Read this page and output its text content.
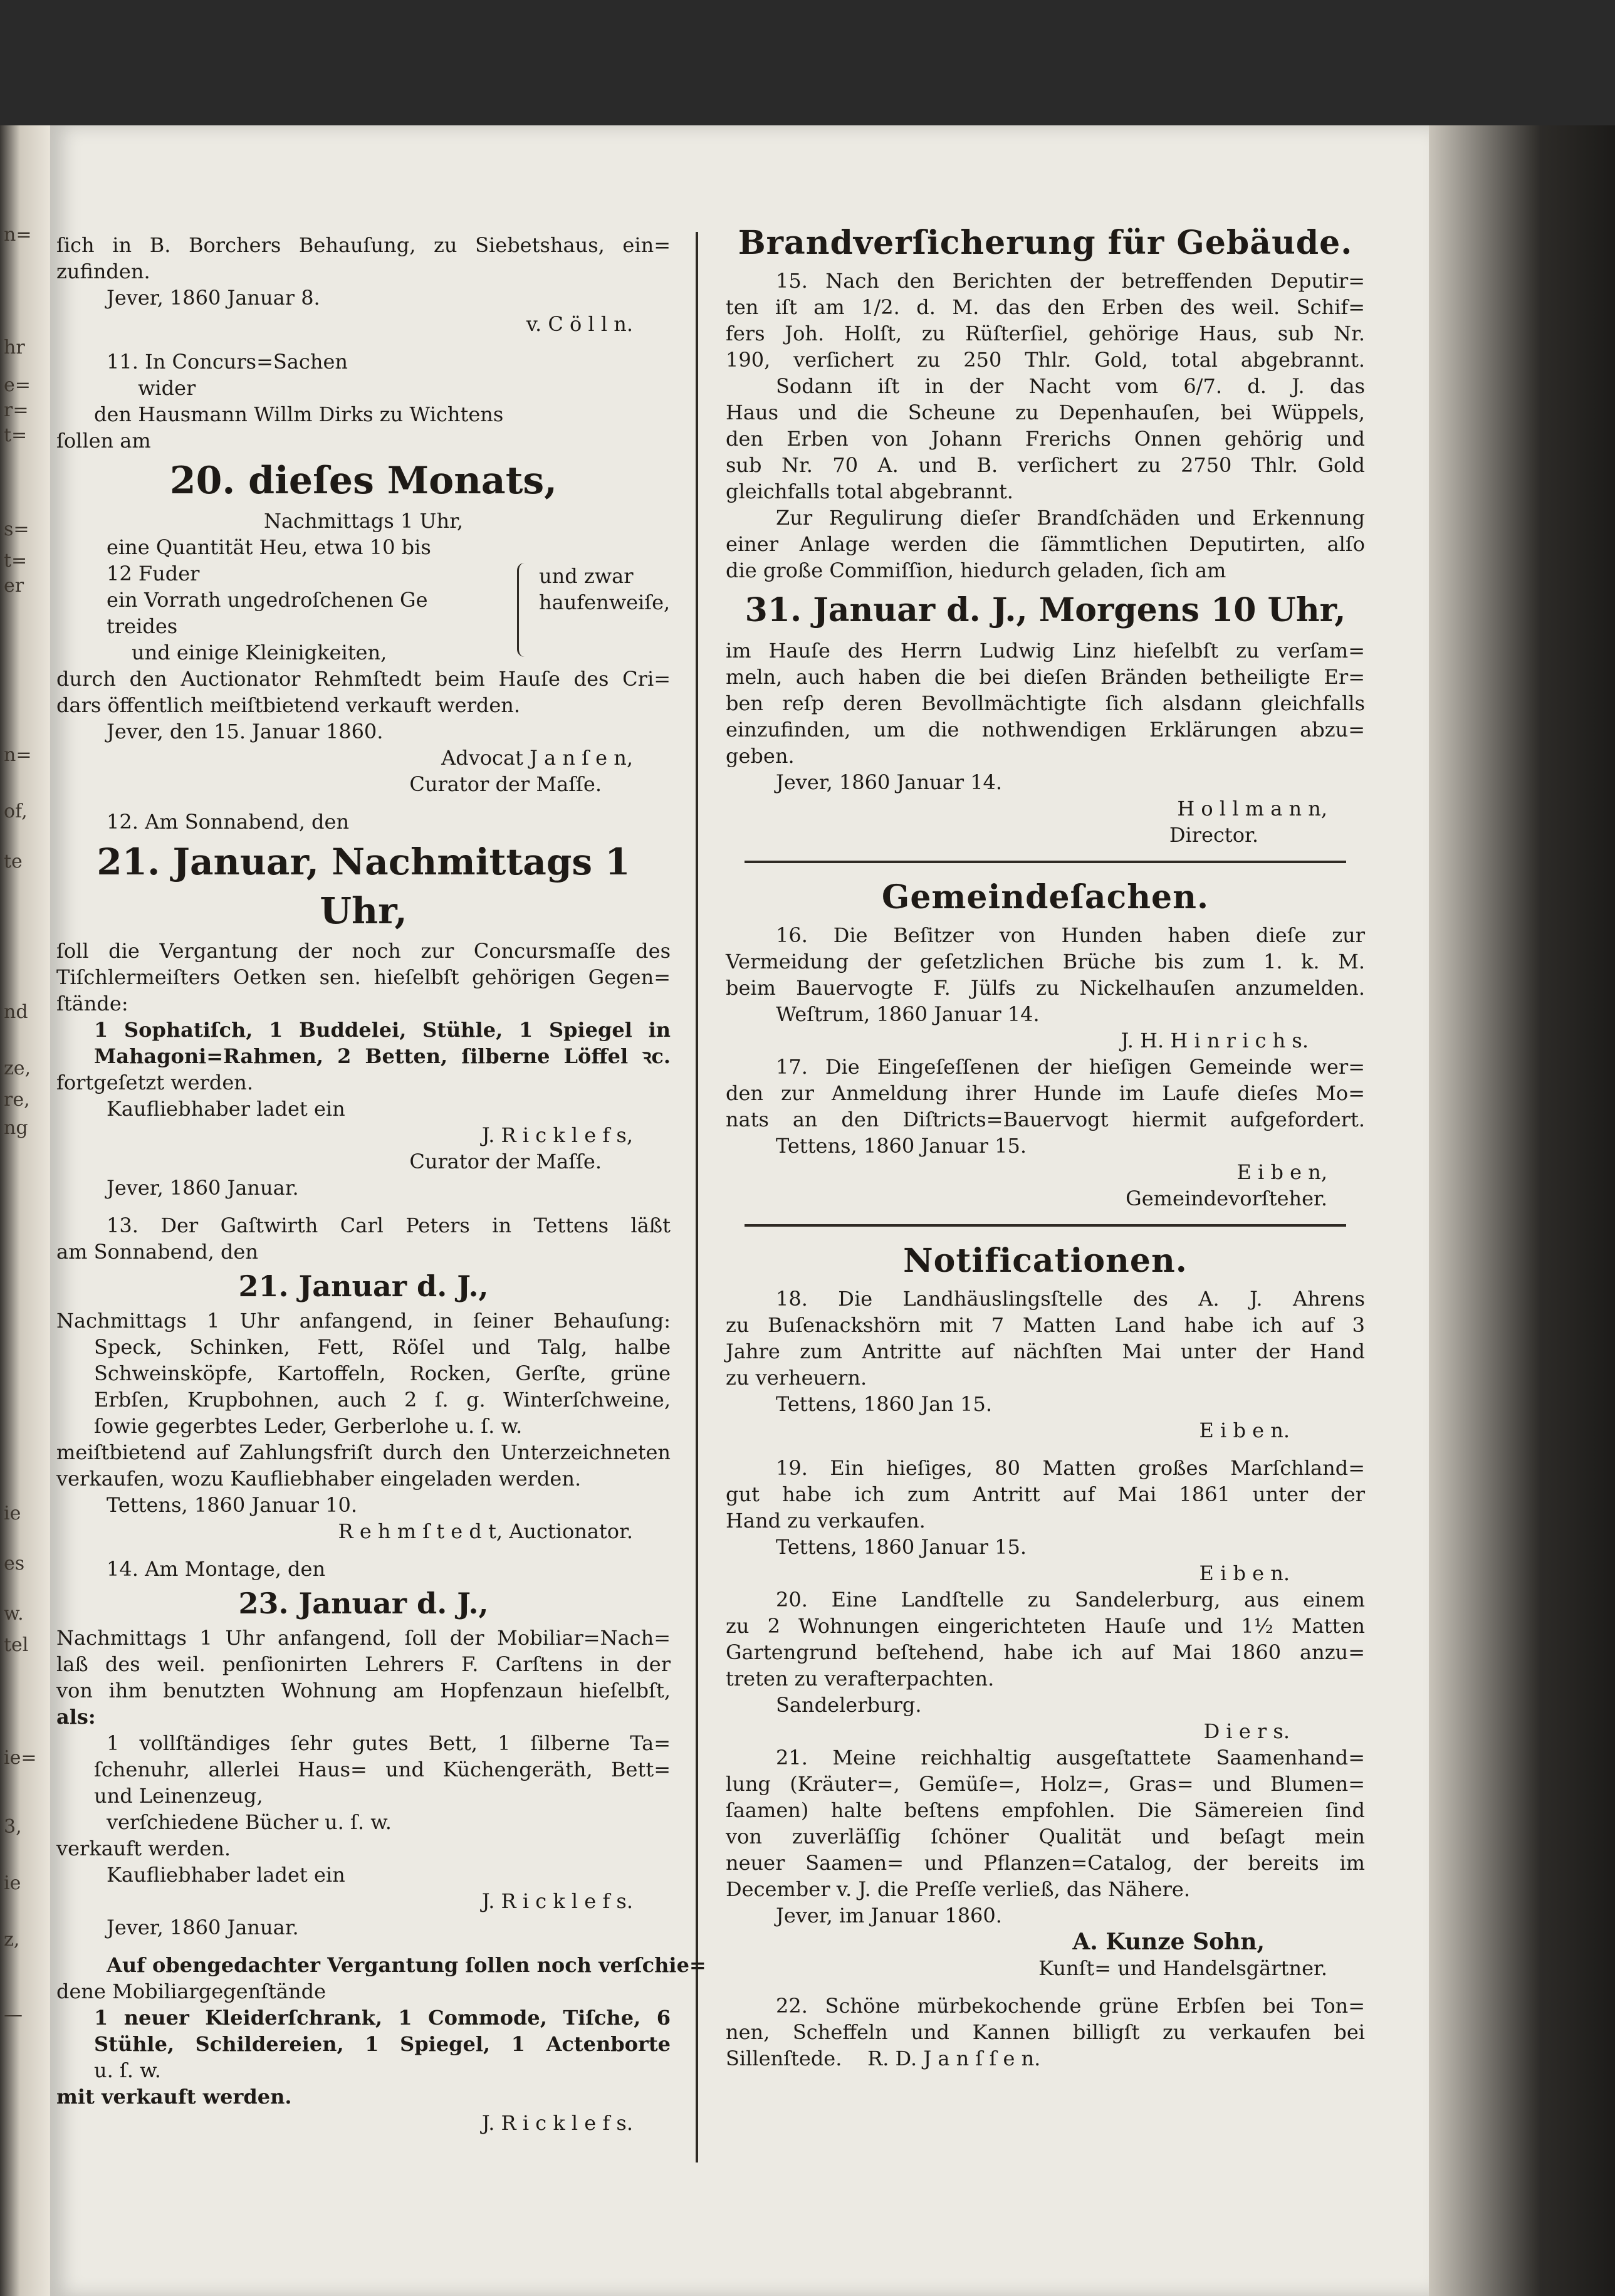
n=
hr
e=
r=
t=
s=
t=
er
n=
of,
te
nd
ze,
re,
ng
ie
es
w.
tel
ie=
3,
ie
z,
—

ſich in B. Borchers Behauſung, zu Siebetshaus, ein=

zufinden.

Jever, 1860 Januar 8.

v. C ö l l n.

11. In Concurs=Sachen

wider

den Hausmann Willm Dirks zu Wichtens

ſollen am

20. dieſes Monats,

Nachmittags 1 Uhr,

eine Quantität Heu, etwa 10 bis

12 Fuder

ein Vorrath ungedroſchenen Ge

treides

und zwar
haufenweiſe,

und einige Kleinigkeiten,

durch den Auctionator Rehmſtedt beim Hauſe des Cri=

dars öffentlich meiſtbietend verkauft werden.

Jever, den 15. Januar 1860.

Advocat J a n ſ e n,

Curator der Maſſe.

12. Am Sonnabend, den

21. Januar, Nachmittags 1 Uhr,

ſoll die Vergantung der noch zur Concursmaſſe des

Tiſchlermeiſters Oetken sen. hieſelbſt gehörigen Gegen=

ſtände:

1 Sophatiſch, 1 Buddelei, Stühle, 1 Spiegel in

Mahagoni=Rahmen, 2 Betten, ſilberne Löffel ꝛc.

fortgeſetzt werden.

Kaufliebhaber ladet ein

J. R i c k l e f s,

Curator der Maſſe.

Jever, 1860 Januar.

13. Der Gaſtwirth Carl Peters in Tettens läßt

am Sonnabend, den

21. Januar d. J.,

Nachmittags 1 Uhr anfangend, in ſeiner Behauſung:

Speck, Schinken, Fett, Röſel und Talg, halbe

Schweinsköpfe, Kartoffeln, Rocken, Gerſte, grüne

Erbſen, Krupbohnen, auch 2 ſ. g. Winterſchweine,

ſowie gegerbtes Leder, Gerberlohe u. ſ. w.

meiſtbietend auf Zahlungsfriſt durch den Unterzeichneten

verkaufen, wozu Kaufliebhaber eingeladen werden.

Tettens, 1860 Januar 10.

R e h m ſ t e d t, Auctionator.

14. Am Montage, den

23. Januar d. J.,

Nachmittags 1 Uhr anfangend, ſoll der Mobiliar=Nach=

laß des weil. penſionirten Lehrers F. Carſtens in der

von ihm benutzten Wohnung am Hopfenzaun hieſelbſt,

als:

1 vollſtändiges ſehr gutes Bett, 1 ſilberne Ta=

ſchenuhr, allerlei Haus= und Küchengeräth, Bett=

und Leinenzeug,

verſchiedene Bücher u. ſ. w.

verkauft werden.

Kaufliebhaber ladet ein

J. R i c k l e f s.

Jever, 1860 Januar.

Auf obengedachter Vergantung ſollen noch verſchie=

dene Mobiliargegenſtände

1 neuer Kleiderſchrank, 1 Commode, Tiſche, 6

Stühle, Schildereien, 1 Spiegel, 1 Actenborte

u. ſ. w.

mit verkauft werden.

J. R i c k l e f s.

Brandverſicherung für Gebäude.

15. Nach den Berichten der betreffenden Deputir=

ten iſt am 1/2. d. M. das den Erben des weil. Schif=

fers Joh. Holſt, zu Rüſterſiel, gehörige Haus, sub Nr.

190, verſichert zu 250 Thlr. Gold, total abgebrannt.

Sodann iſt in der Nacht vom 6/7. d. J. das

Haus und die Scheune zu Depenhauſen, bei Wüppels,

den Erben von Johann Frerichs Onnen gehörig und

sub Nr. 70 A. und B. verſichert zu 2750 Thlr. Gold

gleichfalls total abgebrannt.

Zur Regulirung dieſer Brandſchäden und Erkennung

einer Anlage werden die ſämmtlichen Deputirten, alſo

die große Commiſſion, hiedurch geladen, ſich am

31. Januar d. J., Morgens 10 Uhr,

im Hauſe des Herrn Ludwig Linz hieſelbſt zu verſam=

meln, auch haben die bei dieſen Bränden betheiligte Er=

ben reſp deren Bevollmächtigte ſich alsdann gleichfalls

einzufinden, um die nothwendigen Erklärungen abzu=

geben.

Jever, 1860 Januar 14.

H o l l m a n n,

Director.

Gemeindeſachen.

16. Die Beſitzer von Hunden haben dieſe zur

Vermeidung der geſetzlichen Brüche bis zum 1. k. M.

beim Bauervogte F. Jülfs zu Nickelhauſen anzumelden.

Weſtrum, 1860 Januar 14.

J. H. H i n r i c h s.

17. Die Eingeſeſſenen der hieſigen Gemeinde wer=

den zur Anmeldung ihrer Hunde im Laufe dieſes Mo=

nats an den Diſtricts=Bauervogt hiermit aufgefordert.

Tettens, 1860 Januar 15.

E i b e n,

Gemeindevorſteher.

Notificationen.

18. Die Landhäuslingsſtelle des A. J. Ahrens

zu Buſenackshörn mit 7 Matten Land habe ich auf 3

Jahre zum Antritte auf nächſten Mai unter der Hand

zu verheuern.

Tettens, 1860 Jan 15.

E i b e n.

19. Ein hieſiges, 80 Matten großes Marſchland=

gut habe ich zum Antritt auf Mai 1861 unter der

Hand zu verkaufen.

Tettens, 1860 Januar 15.

E i b e n.

20. Eine Landſtelle zu Sandelerburg, aus einem

zu 2 Wohnungen eingerichteten Hauſe und 1½ Matten

Gartengrund beſtehend, habe ich auf Mai 1860 anzu=

treten zu verafterpachten.

Sandelerburg.

D i e r s.

21. Meine reichhaltig ausgeſtattete Saamenhand=

lung (Kräuter=, Gemüſe=, Holz=, Gras= und Blumen=

ſaamen) halte beſtens empfohlen. Die Sämereien ſind

von zuverläſſig ſchöner Qualität und beſagt mein

neuer Saamen= und Pflanzen=Catalog, der bereits im

December v. J. die Preſſe verließ, das Nähere.

Jever, im Januar 1860.

A. Kunze Sohn,

Kunſt= und Handelsgärtner.

22. Schöne mürbekochende grüne Erbſen bei Ton=

nen, Scheffeln und Kannen billigſt zu verkaufen bei

Sillenſtede.    R. D. J a n ſ ſ e n.
